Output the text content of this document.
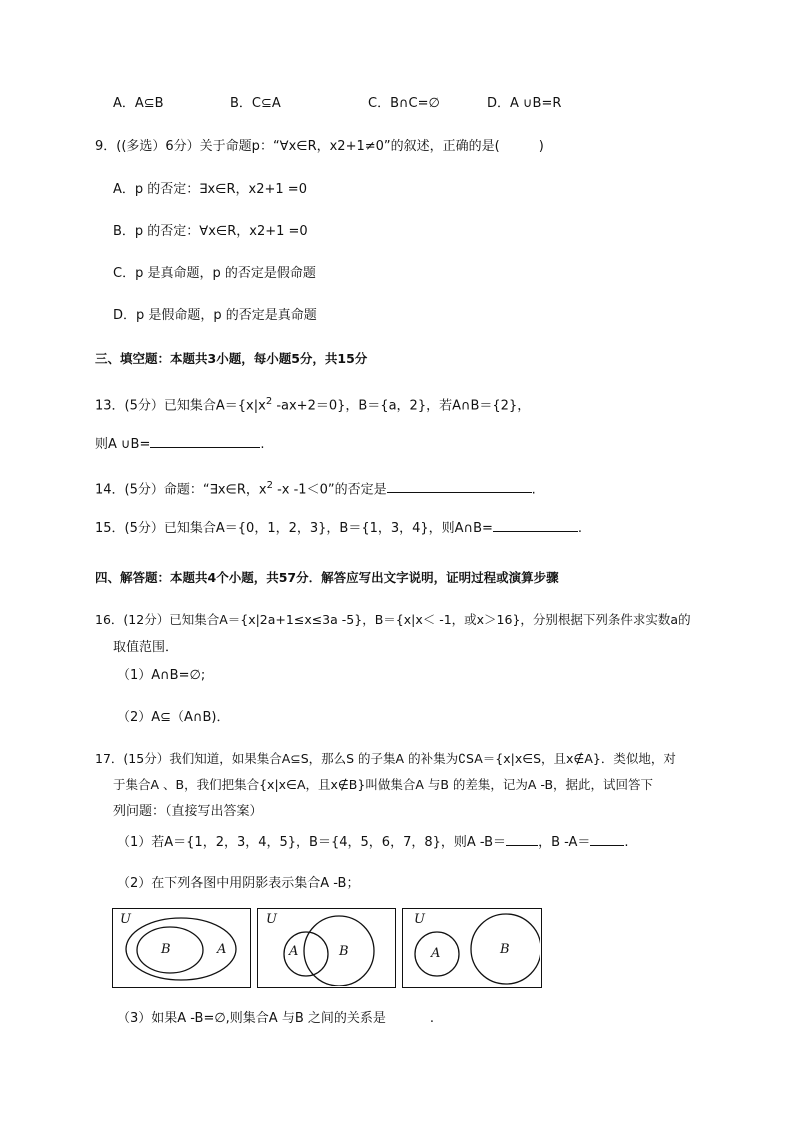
A．A⊆B	B．C⊆A	C．B∩C=∅	D．A ∪B=R
9．((多选）6分）关于命题p：“∀x∈R，x2+1≠0”的叙述，正确的是(　　　)
A．p 的否定：∃x∈R，x2+1 =0
B．p 的否定：∀x∈R，x2+1 =0
C．p 是真命题，p 的否定是假命题
D．p 是假命题，p 的否定是真命题
三、填空题：本题共3小题，每小题5分，共15分
13．(5分）已知集合$A=\{x|x^2$ -ax+2＝0}，B＝{a，2}，若A∩B＝{2}，
则A ∪B=	.
14．(5分）命题：“∃x∈R，$x^2$ -x -1＜0”的否定是	.
15．(5分）已知集合A＝{0，1，2，3}，B＝{1，3，4}，则A∩B=	.
四、解答题：本题共4个小题，共57分．解答应写出文字说明，证明过程或演算步骤
16．(12分）已知集合A＝{x|2a+1≤x≤3a -5}，B＝{x|x＜ -1，或x＞16}，分别根据下列条件求实数a的
取值范围．
（1）A∩B=∅;
（2）A⊆（A∩B)．
17．(15分）我们知道，如果集合A⊆S，那么S 的子集A 的补集为∁SA＝{x|x∈S，且x∉A}．类似地，对
于集合A 、B，我们把集合{x|x∈A，且x∉B}叫做集合A 与B 的差集，记为A -B，据此，试回答下
列问题：（直接写出答案）
（1）若A＝{1，2，3，4，5}，B＝{4，5，6，7，8}，则A -B＝ ，B -A＝	.
（2）在下列各图中用阴影表示集合A -B；
U
B	A
U
A	B
U
A	B
（3）如果A -B=∅,则集合A 与B 之间的关系是	.
